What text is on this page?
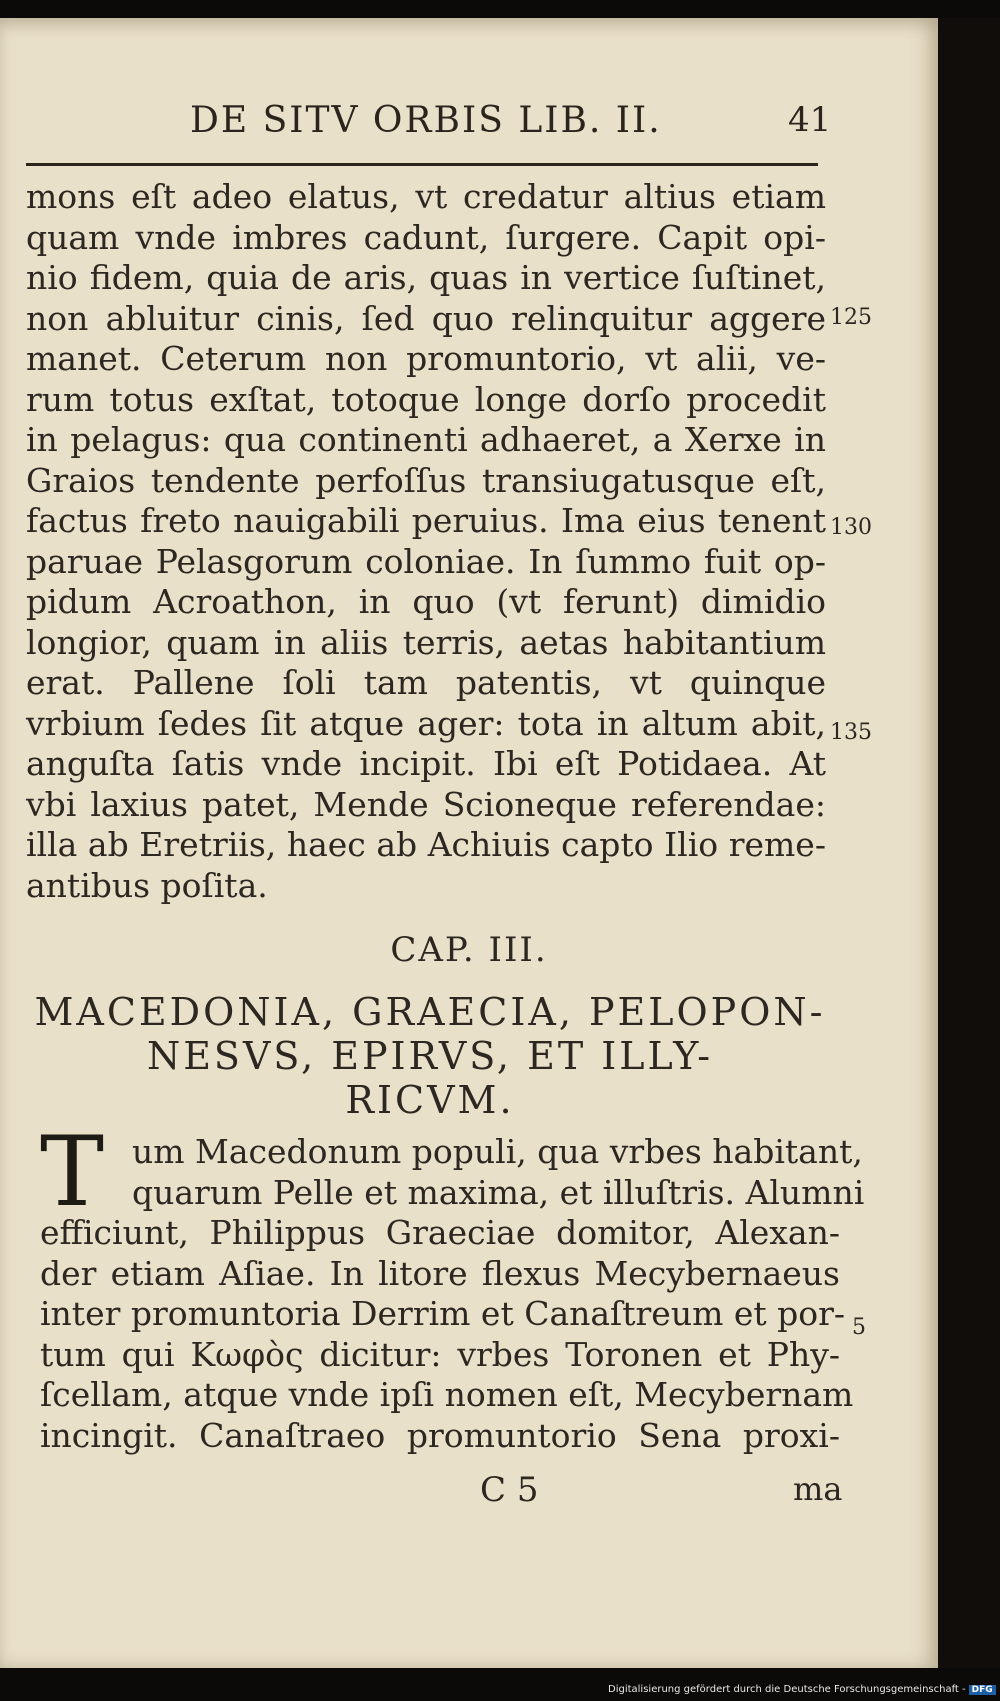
DE SITV ORBIS LIB. II.	41
mons eſt adeo elatus, vt credatur altius etiam
quam vnde imbres cadunt, ſurgere. Capit opi-
nio fidem, quia de aris, quas in vertice ſuſtinet,
non abluitur cinis, ſed quo relinquitur aggere
manet. Ceterum non promuntorio, vt alii, ve-
rum totus exſtat, totoque longe dorſo procedit
in pelagus: qua continenti adhaeret, a Xerxe in
Graios tendente perfoſſus transiugatusque eſt,
factus freto nauigabili peruius. Ima eius tenent
paruae Pelasgorum coloniae. In ſummo fuit op-
pidum Acroathon, in quo (vt ferunt) dimidio
longior, quam in aliis terris, aetas habitantium
erat. Pallene ſoli tam patentis, vt quinque
vrbium ſedes ſit atque ager: tota in altum abit,
anguſta ſatis vnde incipit. Ibi eſt Potidaea. At
vbi laxius patet, Mende Scioneque referendae:
illa ab Eretriis, haec ab Achiuis capto Ilio reme-
antibus poſita.
125
130
135
CAP. III.
MACEDONIA, GRAECIA, PELOPON-
NESVS, EPIRVS, ET ILLY-
RICVM.
T um Macedonum populi, qua vrbes habitant,
quarum Pelle et maxima, et illuſtris. Alumni
efficiunt, Philippus Graeciae domitor, Alexan-
der etiam Aſiae. In litore flexus Mecybernaeus
inter promuntoria Derrim et Canaſtreum et por-
tum qui Κωφὸς dicitur: vrbes Toronen et Phy-
ſcellam, atque vnde ipſi nomen eſt, Mecybernam
incingit. Canaſtraeo promuntorio Sena proxi-
5
C 5	ma
Digitalisierung gefördert durch die Deutsche Forschungsgemeinschaft - DFG
